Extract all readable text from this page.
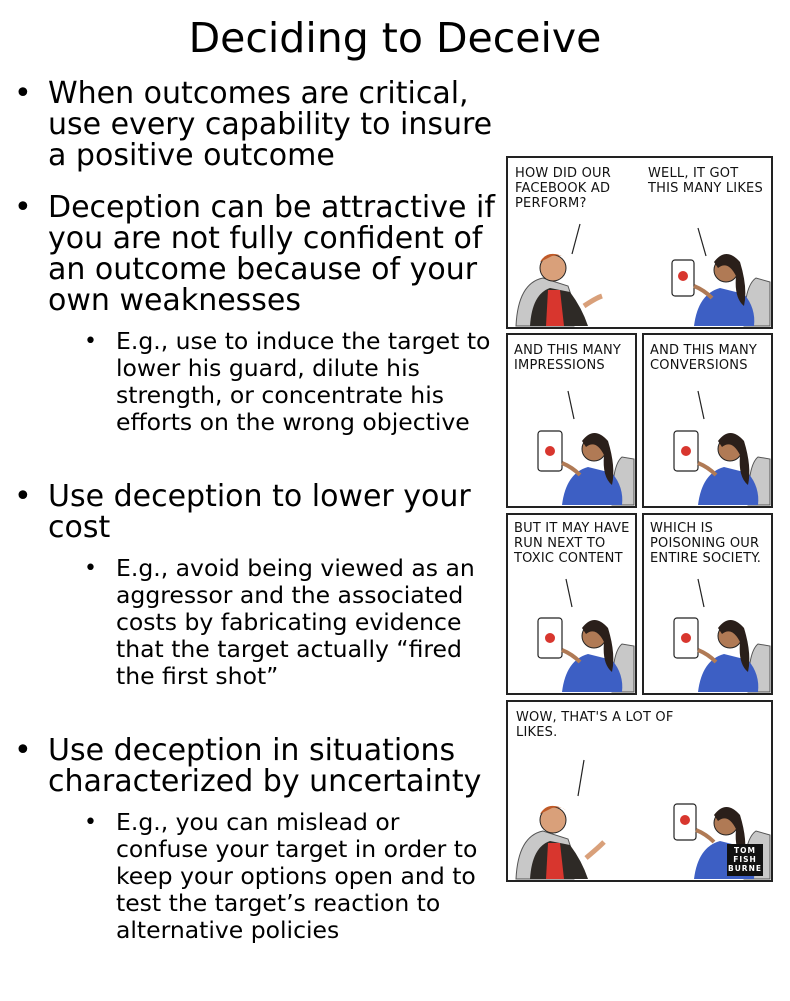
Deciding to Deceive
• When outcomes are critical, use every capability to insure a positive outcome
• Deception can be attractive if you are not fully confident of an outcome because of your own weaknesses
• E.g., use to induce the target to lower his guard, dilute his strength, or concentrate his efforts on the wrong objective
• Use deception to lower your cost
• E.g., avoid being viewed as an aggressor and the associated costs by fabricating evidence that the target actually “fired the first shot”
• Use deception in situations characterized by uncertainty
• E.g., you can mislead or confuse your target in order to keep your options open and to test the target’s reaction to alternative policies
HOW DID OUR FACEBOOK AD PERFORM?
WELL, IT GOT THIS MANY LIKES
AND THIS MANY IMPRESSIONS
AND THIS MANY CONVERSIONS
BUT IT MAY HAVE RUN NEXT TO TOXIC CONTENT
WHICH IS POISONING OUR ENTIRE SOCIETY.
WOW, THAT'S A LOT OF LIKES.
TOM FISH BURNE
